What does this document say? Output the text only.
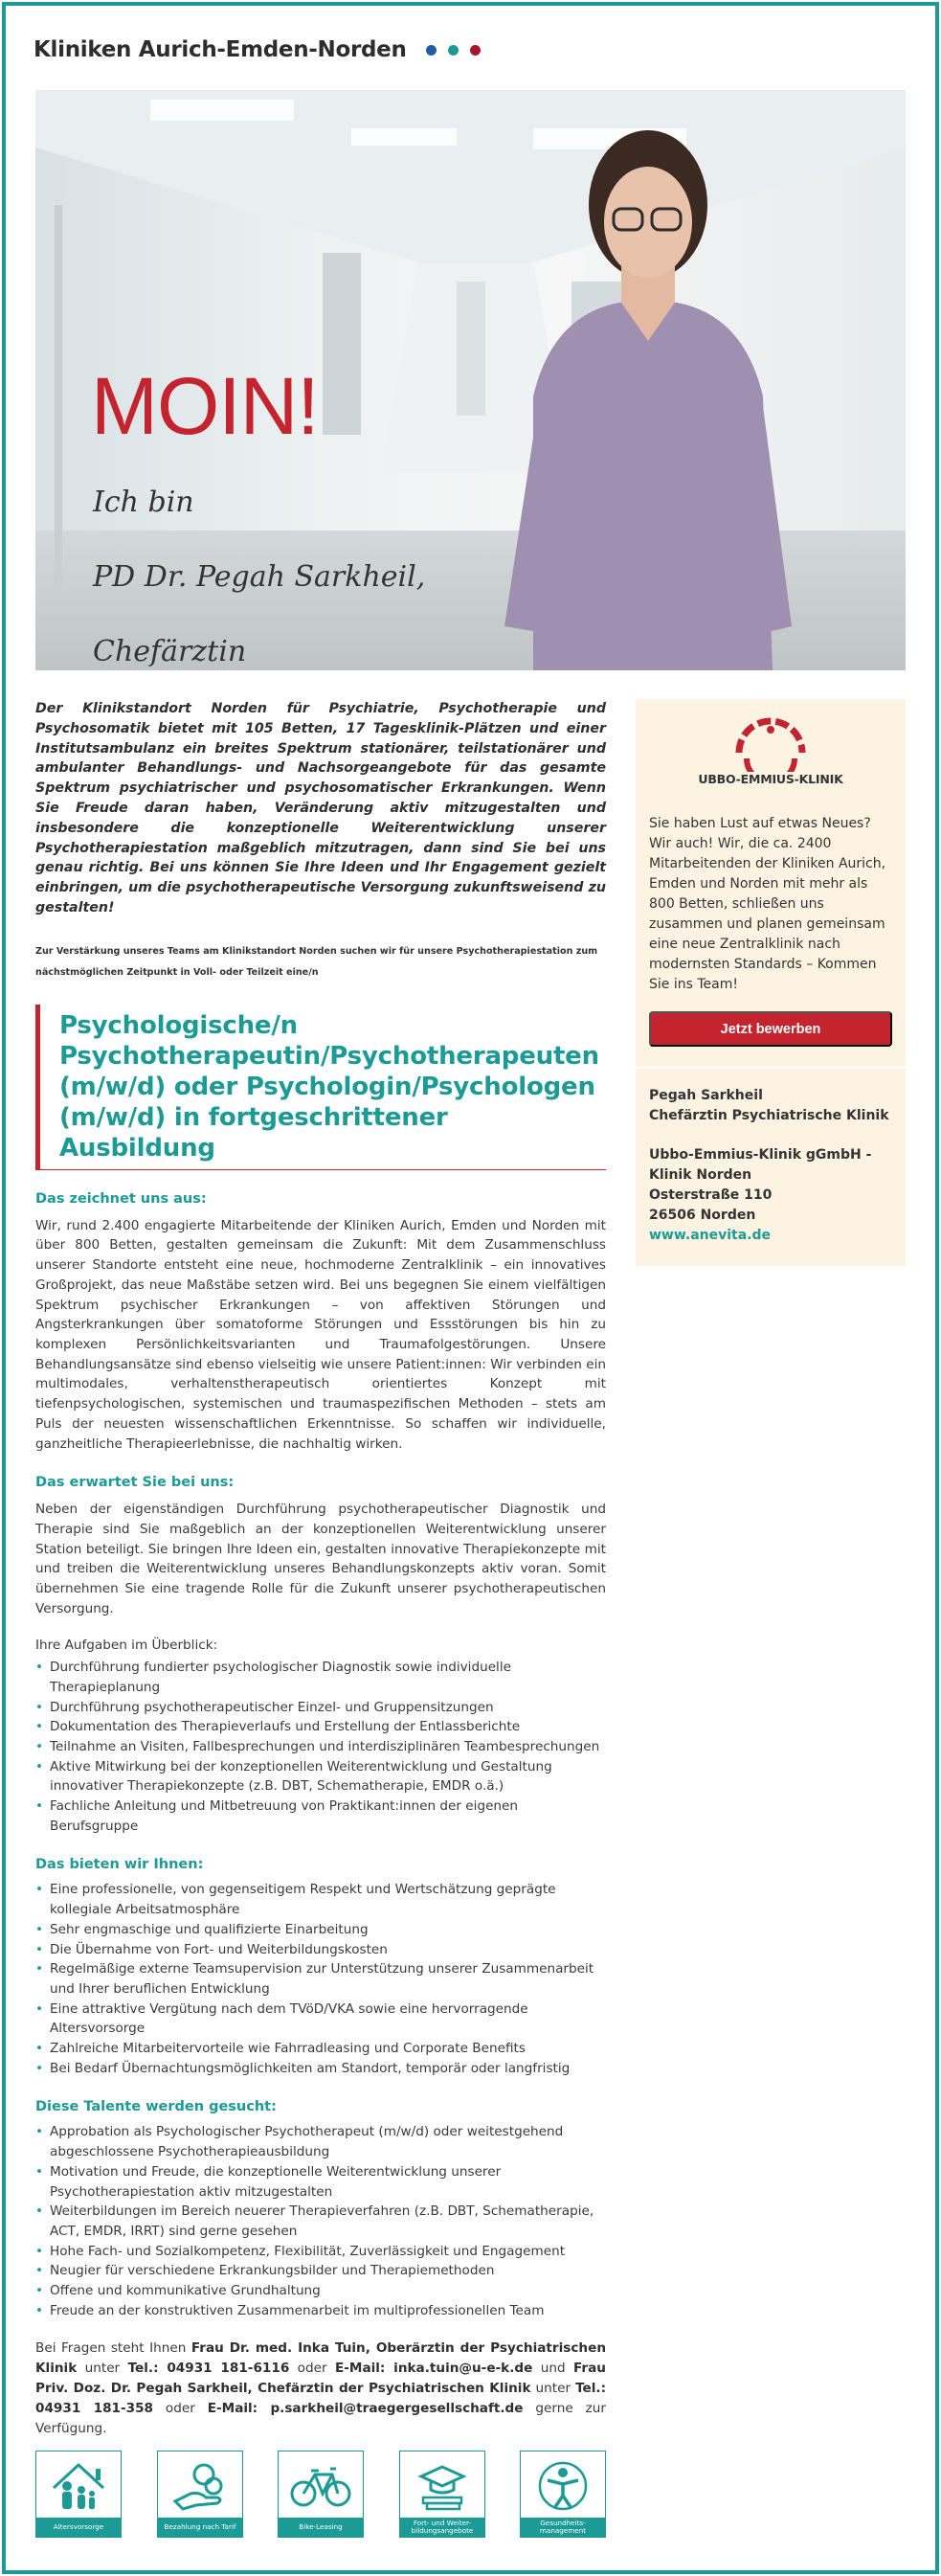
Kliniken Aurich-Emden-Norden
MOIN!

Ich bin

PD Dr. Pegah Sarkheil,

Chefärztin

Der Klinikstandort Norden für Psychiatrie, Psychotherapie und Psychosomatik bietet mit 105 Betten, 17 Tagesklinik-Plätzen und einer Institutsambulanz ein breites Spektrum stationärer, teilstationärer und ambulanter Behandlungs- und Nachsorgeangebote für das gesamte Spektrum psychiatrischer und psychosomatischer Erkrankungen. Wenn Sie Freude daran haben, Veränderung aktiv mitzugestalten und insbesondere die konzeptionelle Weiterentwicklung unserer Psychotherapiestation maßgeblich mitzutragen, dann sind Sie bei uns genau richtig. Bei uns können Sie Ihre Ideen und Ihr Engagement gezielt einbringen, um die psychotherapeutische Versorgung zukunftsweisend zu gestalten!

Zur Verstärkung unseres Teams am Klinikstandort Norden suchen wir für unsere Psychotherapiestation zum nächstmöglichen Zeitpunkt in Voll- oder Teilzeit eine/n

Psychologische/n Psychotherapeutin/Psychotherapeuten (m/w/d) oder Psychologin/Psychologen (m/w/d) in fortgeschrittener Ausbildung
Das zeichnet uns aus:

Wir, rund 2.400 engagierte Mitarbeitende der Kliniken Aurich, Emden und Norden mit über 800 Betten, gestalten gemeinsam die Zukunft: Mit dem Zusammenschluss unserer Standorte entsteht eine neue, hochmoderne Zentralklinik – ein innovatives Großprojekt, das neue Maßstäbe setzen wird. Bei uns begegnen Sie einem vielfältigen Spektrum psychischer Erkrankungen – von affektiven Störungen und Angsterkrankungen über somatoforme Störungen und Essstörungen bis hin zu komplexen Persönlichkeitsvarianten und Traumafolgestörungen. Unsere Behandlungsansätze sind ebenso vielseitig wie unsere Patient:innen: Wir verbinden ein multimodales, verhaltenstherapeutisch orientiertes Konzept mit tiefenpsychologischen, systemischen und traumaspezifischen Methoden – stets am Puls der neuesten wissenschaftlichen Erkenntnisse. So schaffen wir individuelle, ganzheitliche Therapieerlebnisse, die nachhaltig wirken.

Das erwartet Sie bei uns:

Neben der eigenständigen Durchführung psychotherapeutischer Diagnostik und Therapie sind Sie maßgeblich an der konzeptionellen Weiterentwicklung unserer Station beteiligt. Sie bringen Ihre Ideen ein, gestalten innovative Therapiekonzepte mit und treiben die Weiterentwicklung unseres Behandlungskonzepts aktiv voran. Somit übernehmen Sie eine tragende Rolle für die Zukunft unserer psychotherapeutischen Versorgung.

Ihre Aufgaben im Überblick:

• Durchführung fundierter psychologischer Diagnostik sowie individuelle Therapieplanung
• Durchführung psychotherapeutischer Einzel- und Gruppensitzungen
• Dokumentation des Therapieverlaufs und Erstellung der Entlassberichte
• Teilnahme an Visiten, Fallbesprechungen und interdisziplinären Teambesprechungen
• Aktive Mitwirkung bei der konzeptionellen Weiterentwicklung und Gestaltung innovativer Therapiekonzepte (z.B. DBT, Schematherapie, EMDR o.ä.)
• Fachliche Anleitung und Mitbetreuung von Praktikant:innen der eigenen Berufsgruppe
Das bieten wir Ihnen:
• Eine professionelle, von gegenseitigem Respekt und Wertschätzung geprägte kollegiale Arbeitsatmosphäre
• Sehr engmaschige und qualifizierte Einarbeitung
• Die Übernahme von Fort- und Weiterbildungskosten
• Regelmäßige externe Teamsupervision zur Unterstützung unserer Zusammenarbeit und Ihrer beruflichen Entwicklung
• Eine attraktive Vergütung nach dem TVöD/VKA sowie eine hervorragende Altersvorsorge
• Zahlreiche Mitarbeitervorteile wie Fahrradleasing und Corporate Benefits
• Bei Bedarf Übernachtungsmöglichkeiten am Standort, temporär oder langfristig
Diese Talente werden gesucht:
• Approbation als Psychologischer Psychotherapeut (m/w/d) oder weitestgehend abgeschlossene Psychotherapieausbildung
• Motivation und Freude, die konzeptionelle Weiterentwicklung unserer Psychotherapiestation aktiv mitzugestalten
• Weiterbildungen im Bereich neuerer Therapieverfahren (z.B. DBT, Schematherapie, ACT, EMDR, IRRT) sind gerne gesehen
• Hohe Fach- und Sozialkompetenz, Flexibilität, Zuverlässigkeit und Engagement
• Neugier für verschiedene Erkrankungsbilder und Therapiemethoden
• Offene und kommunikative Grundhaltung
• Freude an der konstruktiven Zusammenarbeit im multiprofessionellen Team

Bei Fragen steht Ihnen Frau Dr. med. Inka Tuin, Oberärztin der Psychiatrischen Klinik unter Tel.: 04931 181-6116 oder E-Mail: inka.tuin@u-e-k.de und Frau Priv. Doz. Dr. Pegah Sarkheil, Chefärztin der Psychiatrischen Klinik unter Tel.: 04931 181-358 oder E-Mail: p.sarkheil@traegergesellschaft.de gerne zur Verfügung.

UBBO-EMMIUS-KLINIK

Sie haben Lust auf etwas Neues? Wir auch! Wir, die ca. 2400 Mitarbeitenden der Kliniken Aurich, Emden und Norden mit mehr als 800 Betten, schließen uns zusammen und planen gemeinsam eine neue Zentralklinik nach modernsten Standards – Kommen Sie ins Team!

Jetzt bewerben
Pegah Sarkheil
Chefärztin Psychiatrische Klinik
Ubbo-Emmius-Klinik gGmbH -
Klinik Norden
Osterstraße 110
26506 Norden
www.anevita.de
Altersvorsorge	Bezahlung nach Tarif	Bike-Leasing	Fort- und Weiter-bildungsangebote
Gesundheits-management
